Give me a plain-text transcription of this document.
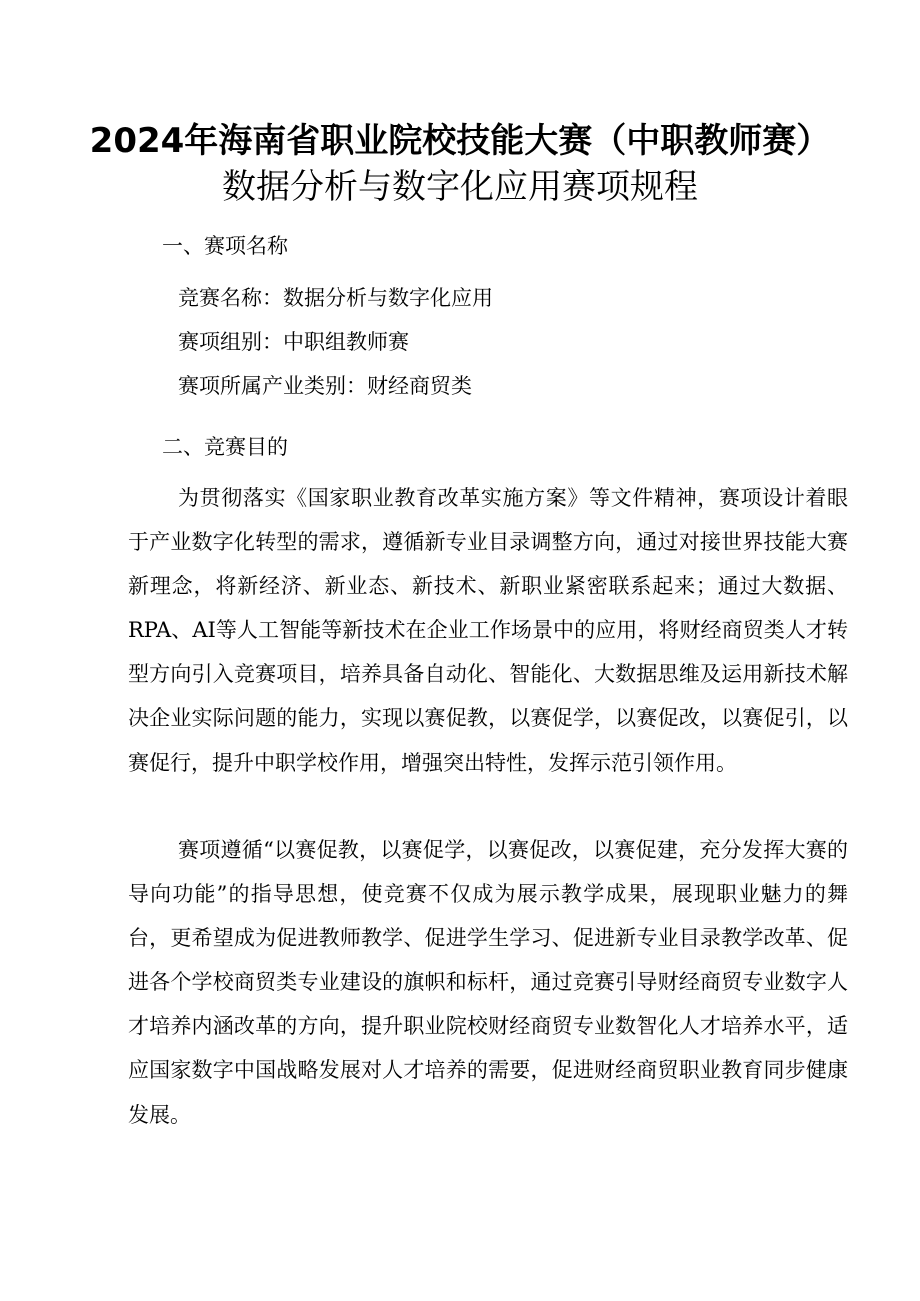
2024年海南省职业院校技能大赛（中职教师赛）
数据分析与数字化应用赛项规程
一、赛项名称
竞赛名称：数据分析与数字化应用
赛项组别：中职组教师赛
赛项所属产业类别：财经商贸类
二、竞赛目的

为贯彻落实《国家职业教育改革实施方案》等文件精神，赛项设计着眼于产业数字化转型的需求，遵循新专业目录调整方向，通过对接世界技能大赛新理念，将新经济、新业态、新技术、新职业紧密联系起来；通过大数据、RPA、AI等人工智能等新技术在企业工作场景中的应用，将财经商贸类人才转型方向引入竞赛项目，培养具备自动化、智能化、大数据思维及运用新技术解决企业实际问题的能力，实现以赛促教，以赛促学，以赛促改，以赛促引，以赛促行，提升中职学校作用，增强突出特性，发挥示范引领作用。

赛项遵循“以赛促教，以赛促学，以赛促改，以赛促建，充分发挥大赛的导向功能”的指导思想，使竞赛不仅成为展示教学成果，展现职业魅力的舞台，更希望成为促进教师教学、促进学生学习、促进新专业目录教学改革、促进各个学校商贸类专业建设的旗帜和标杆，通过竞赛引导财经商贸专业数字人才培养内涵改革的方向，提升职业院校财经商贸专业数智化人才培养水平，适应国家数字中国战略发展对人才培养的需要，促进财经商贸职业教育同步健康发展。
